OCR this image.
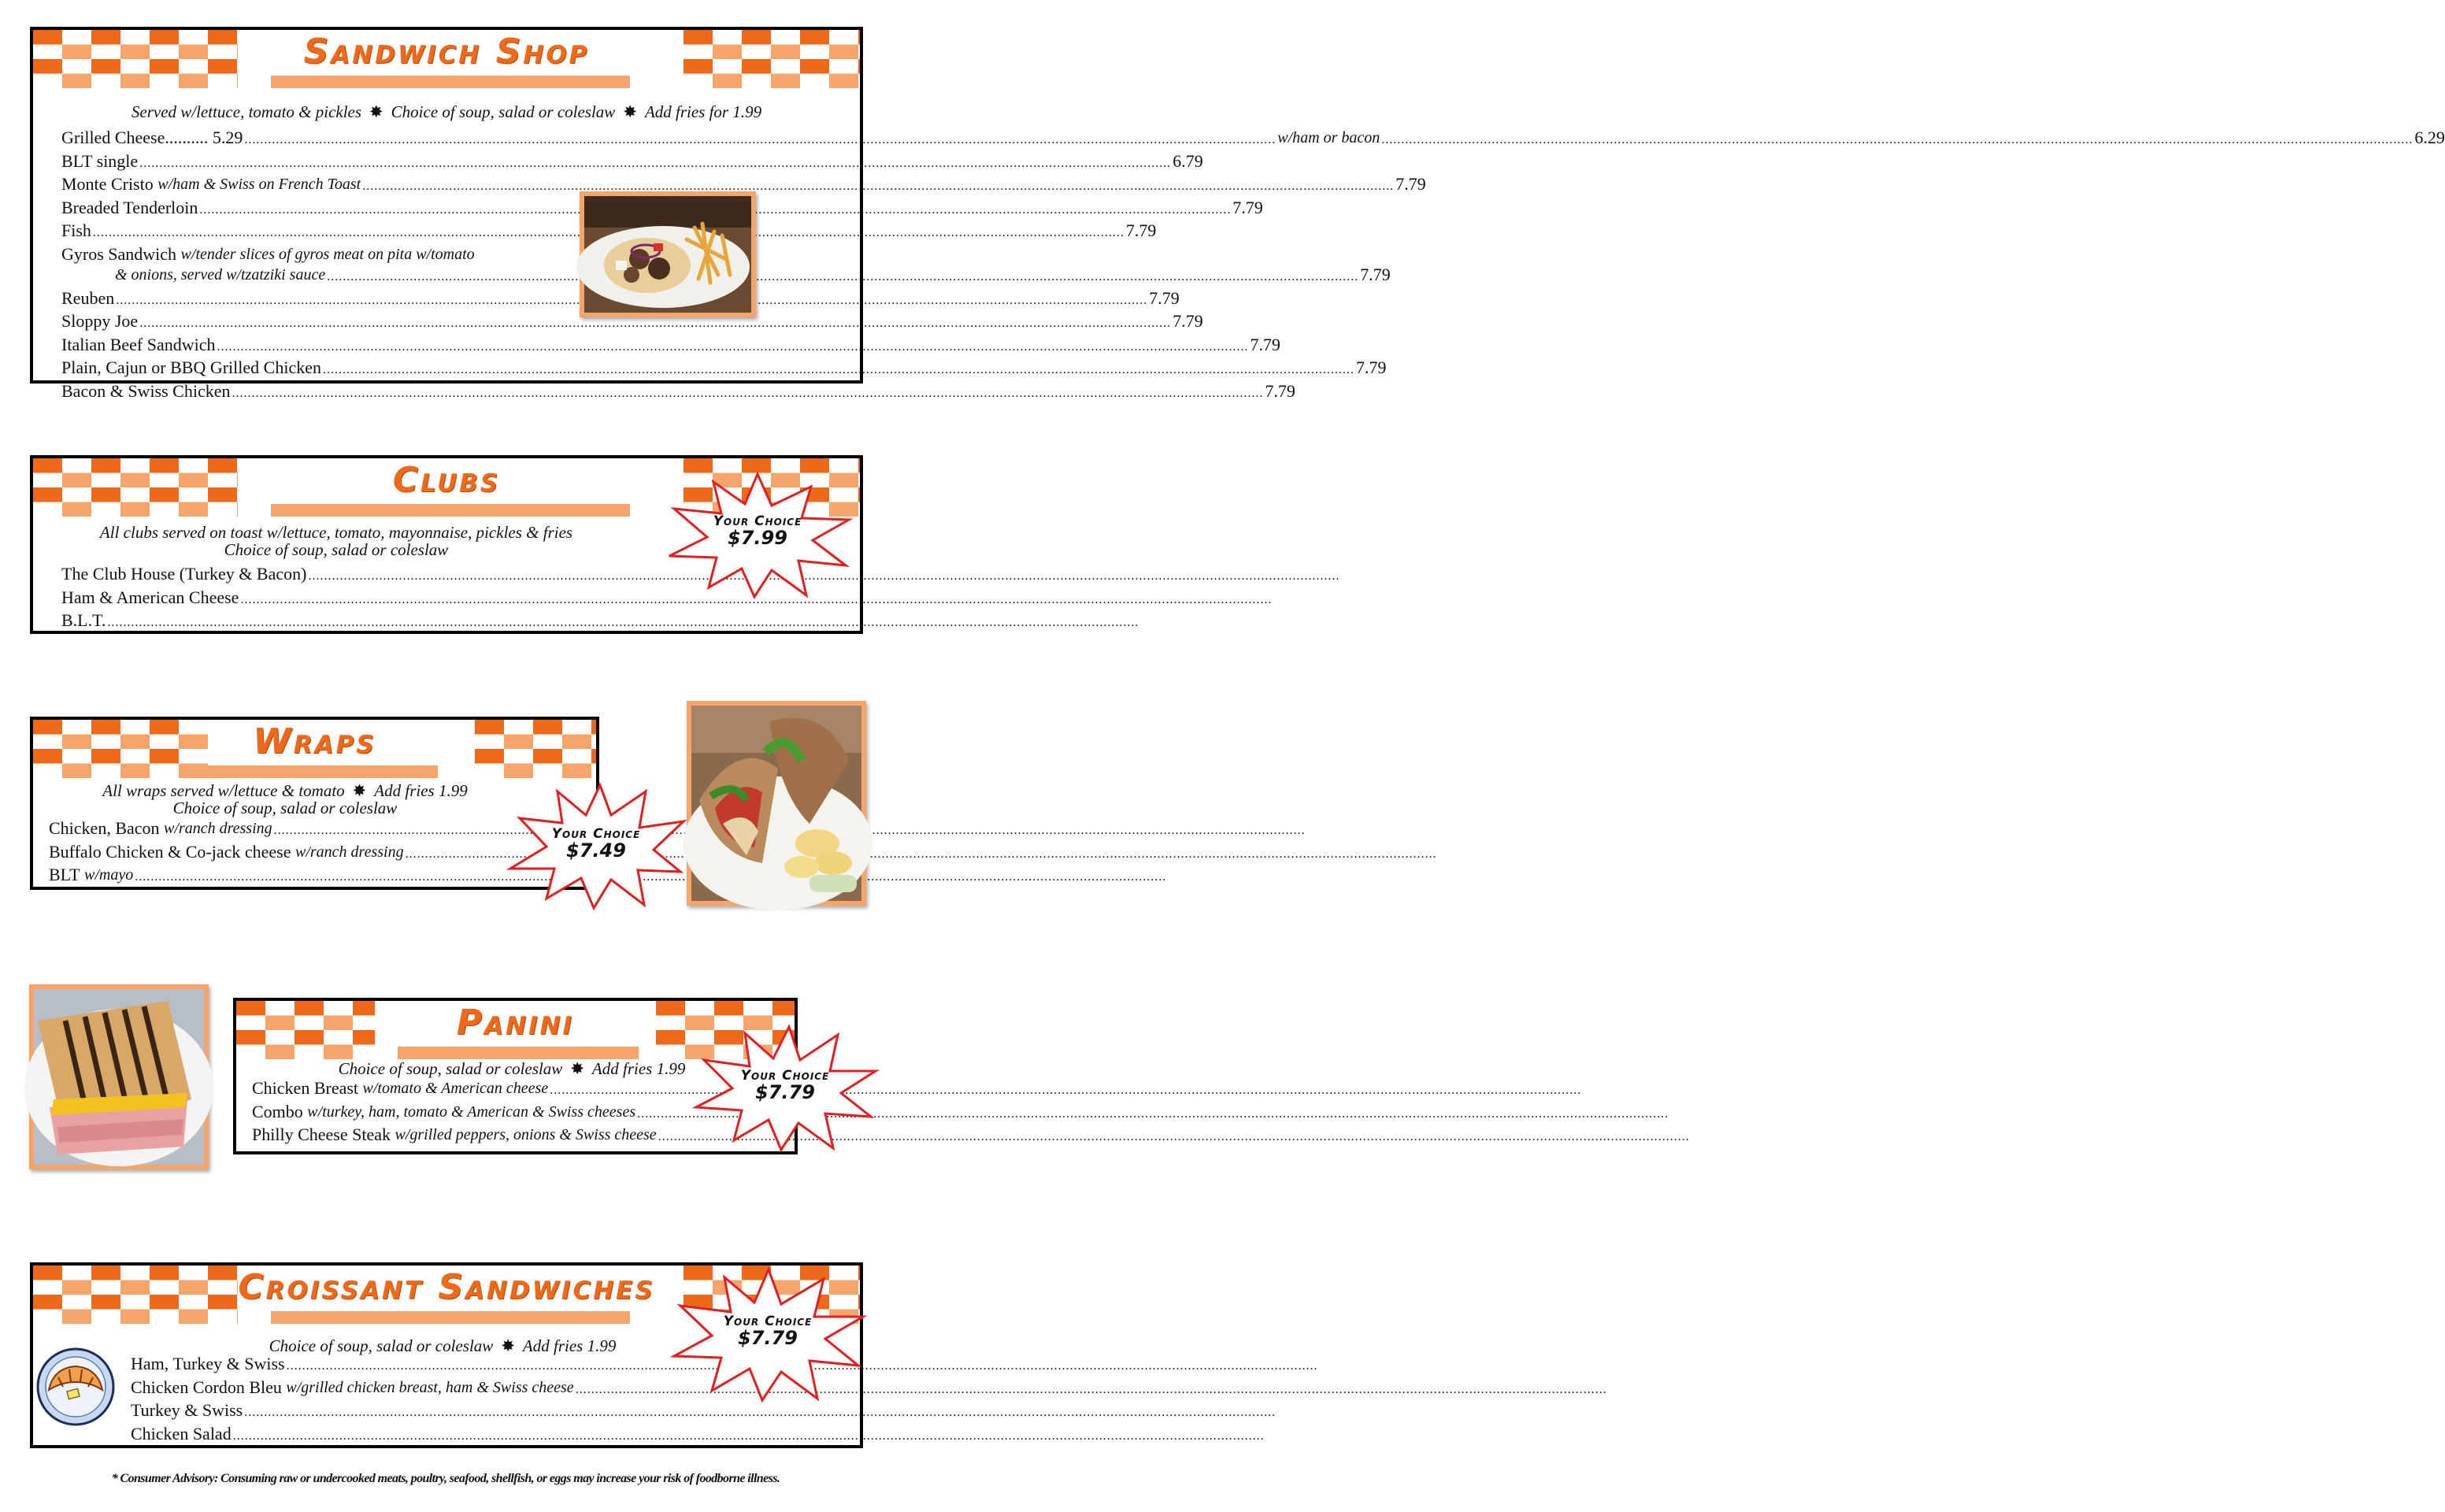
Sandwich Shop
Served w/lettuce, tomato & pickles ✸ Choice of soup, salad or coleslaw ✸ Add fries for 1.99
Grilled Cheese .......... 5.29 .....	w/ham or bacon .....	6.29
BLT single .....	6.79
Monte Cristo
w/ham & Swiss on French Toast .....	7.79
Breaded Tenderloin .....	7.79
Fish .....	7.79
Gyros Sandwich
w/tender slices of gyros meat on pita w/tomato
& onions, served w/tzatziki sauce .....	7.79
Reuben .....	7.79
Sloppy Joe .....	7.79
Italian Beef Sandwich .....	7.79
Plain, Cajun or BBQ Grilled Chicken .....	7.79
Bacon & Swiss Chicken .....	7.79
Clubs
All clubs served on toast w/lettuce, tomato, mayonnaise, pickles & fries
Choice of soup, salad or coleslaw
The Club House (Turkey & Bacon)
.....
Ham & American Cheese
.....
B.L.T.
.....
Wraps
All wraps served w/lettuce & tomato ✸ Add fries 1.99
Choice of soup, salad or coleslaw
Chicken, Bacon
w/ranch dressing
.....
Buffalo Chicken & Co-jack cheese
w/ranch dressing
.....
BLT
w/mayo
.....
Panini
Choice of soup, salad or coleslaw ✸ Add fries 1.99
Chicken Breast
w/tomato & American cheese
.....
Combo
w/turkey, ham, tomato & American & Swiss cheeses
.....
Philly Cheese Steak
w/grilled peppers, onions & Swiss cheese
.....
Croissant Sandwiches
Choice of soup, salad or coleslaw ✸ Add fries 1.99
Ham, Turkey & Swiss
.....
Chicken Cordon Bleu
w/grilled chicken breast, ham & Swiss cheese
.....
Turkey & Swiss
.....
Chicken Salad
.....
Your Choice
$7.99
Your Choice
$7.49
Your Choice
$7.79
Your Choice
$7.79
* Consumer Advisory: Consuming raw or undercooked meats, poultry, seafood, shellfish, or eggs may increase your risk of foodborne illness.
